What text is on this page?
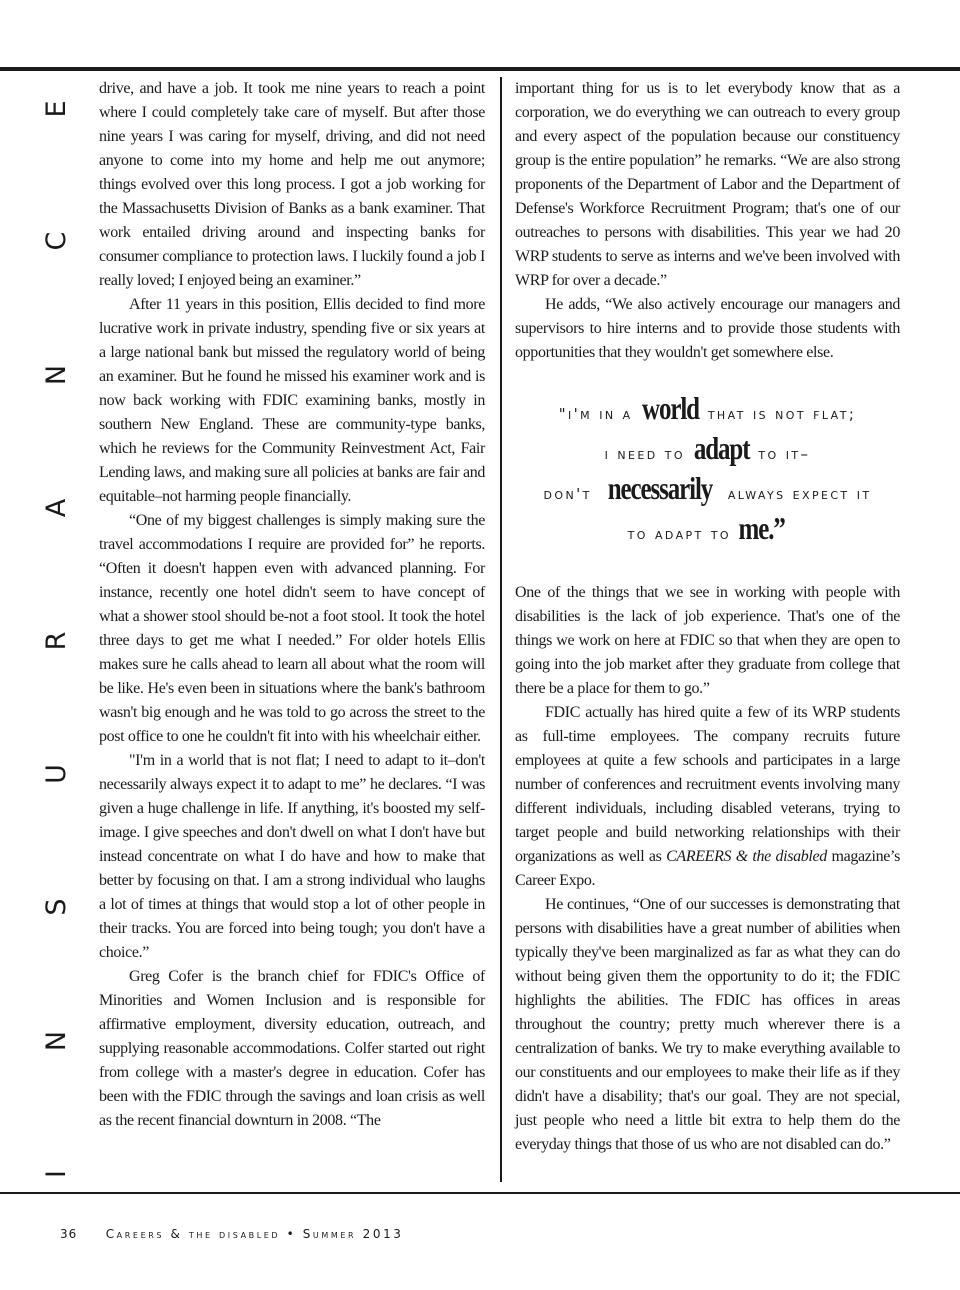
E
C
N
A
R
U
S
N
I

drive, and have a job. It took me nine years to reach a point where I could completely take care of myself. But after those nine years I was caring for myself, driving, and did not need anyone to come into my home and help me out anymore; things evolved over this long process. I got a job working for the Massachusetts Division of Banks as a bank examiner. That work entailed driving around and inspecting banks for consumer compliance to protection laws. I luckily found a job I really loved; I enjoyed being an examiner.”

After 11 years in this position, Ellis decided to find more lucrative work in private industry, spending five or six years at a large national bank but missed the regulatory world of being an examiner. But he found he missed his examiner work and is now back working with FDIC examining banks, mostly in southern New England. These are community-type banks, which he reviews for the Community Reinvestment Act, Fair Lending laws, and making sure all policies at banks are fair and equitable–not harming people financially.

“One of my biggest challenges is simply making sure the travel accommodations I require are provided for” he reports. “Often it doesn't happen even with advanced planning. For instance, recently one hotel didn't seem to have concept of what a shower stool should be-not a foot stool. It took the hotel three days to get me what I needed.” For older hotels Ellis makes sure he calls ahead to learn all about what the room will be like. He's even been in situations where the bank's bathroom wasn't big enough and he was told to go across the street to the post office to one he couldn't fit into with his wheelchair either.

"I'm in a world that is not flat; I need to adapt to it–don't necessarily always expect it to adapt to me” he declares. “I was given a huge challenge in life. If anything, it's boosted my self-image. I give speeches and don't dwell on what I don't have but instead concentrate on what I do have and how to make that better by focusing on that. I am a strong individual who laughs a lot of times at things that would stop a lot of other people in their tracks. You are forced into being tough; you don't have a choice.”

Greg Cofer is the branch chief for FDIC's Office of Minorities and Women Inclusion and is responsible for affirmative employment, diversity education, outreach, and supplying reasonable accommodations. Colfer started out right from college with a master's degree in education. Cofer has been with the FDIC through the savings and loan crisis as well as the recent financial downturn in 2008. “The

important thing for us is to let everybody know that as a corporation, we do everything we can outreach to every group and every aspect of the population because our constituency group is the entire population” he remarks. “We are also strong proponents of the Department of Labor and the Department of Defense's Workforce Recruitment Program; that's one of our outreaches to persons with disabilities. This year we had 20 WRP students to serve as interns and we've been involved with WRP for over a decade.”

He adds, “We also actively encourage our managers and supervisors to hire interns and to provide those students with opportunities that they wouldn't get somewhere else.

"i'm in a world that is not flat;
i need to adapt to it–
don't necessarily always expect it
to adapt to me.”

One of the things that we see in working with people with disabilities is the lack of job experience. That's one of the things we work on here at FDIC so that when they are open to going into the job market after they graduate from college that there be a place for them to go.”

FDIC actually has hired quite a few of its WRP students as full-time employees. The company recruits future employees at quite a few schools and participates in a large number of conferences and recruitment events involving many different individuals, including disabled veterans, trying to target people and build networking relationships with their organizations as well as CAREERS & the disabled magazine’s Career Expo.

He continues, “One of our successes is demonstrating that persons with disabilities have a great number of abilities when typically they've been marginalized as far as what they can do without being given them the opportunity to do it; the FDIC highlights the abilities. The FDIC has offices in areas throughout the country; pretty much wherever there is a centralization of banks. We try to make everything available to our constituents and our employees to make their life as if they didn't have a disability; that's our goal. They are not special, just people who need a little bit extra to help them do the everyday things that those of us who are not disabled can do.”

36 Careers & the disabled • Summer 2013
